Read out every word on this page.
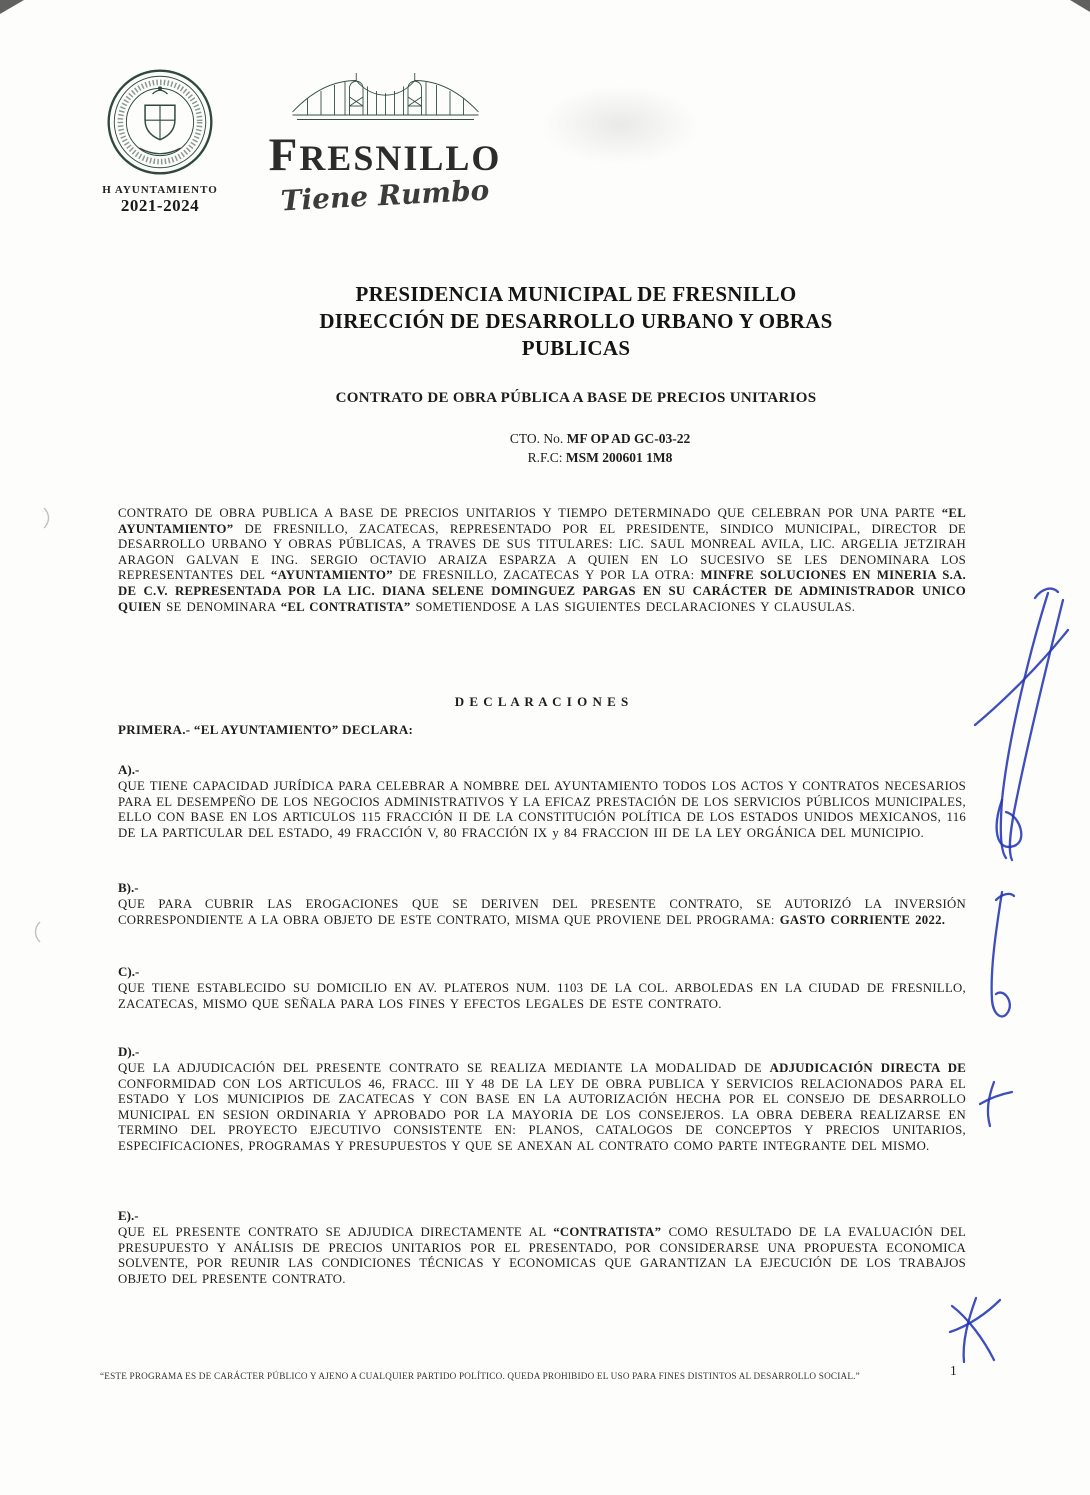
H AYUNTAMIENTO
2021-2024
FRESNILLO
Tiene Rumbo
PRESIDENCIA MUNICIPAL DE FRESNILLO
DIRECCIÓN DE DESARROLLO URBANO Y OBRAS
PUBLICAS
CONTRATO DE OBRA PÚBLICA A BASE DE PRECIOS UNITARIOS
CTO. No. MF OP AD GC-03-22
R.F.C: MSM 200601 1M8

CONTRATO DE OBRA PUBLICA A BASE DE PRECIOS UNITARIOS Y TIEMPO DETERMINADO QUE CELEBRAN POR UNA PARTE “EL AYUNTAMIENTO” DE FRESNILLO, ZACATECAS, REPRESENTADO POR EL PRESIDENTE, SINDICO MUNICIPAL, DIRECTOR DE DESARROLLO URBANO Y OBRAS PÚBLICAS, A TRAVES DE SUS TITULARES: LIC. SAUL MONREAL AVILA, LIC. ARGELIA JETZIRAH ARAGON GALVAN E ING. SERGIO OCTAVIO ARAIZA ESPARZA A QUIEN EN LO SUCESIVO SE LES DENOMINARA LOS REPRESENTANTES DEL “AYUNTAMIENTO” DE FRESNILLO, ZACATECAS Y POR LA OTRA: MINFRE SOLUCIONES EN MINERIA S.A. DE C.V. REPRESENTADA POR LA LIC. DIANA SELENE DOMINGUEZ PARGAS EN SU CARÁCTER DE ADMINISTRADOR UNICO QUIEN SE DENOMINARA “EL CONTRATISTA” SOMETIENDOSE A LAS SIGUIENTES DECLARACIONES Y CLAUSULAS.

D E C L A R A C I O N E S
PRIMERA.- “EL AYUNTAMIENTO” DECLARA:

A).-

QUE TIENE CAPACIDAD JURÍDICA PARA CELEBRAR A NOMBRE DEL AYUNTAMIENTO TODOS LOS ACTOS Y CONTRATOS NECESARIOS PARA EL DESEMPEÑO DE LOS NEGOCIOS ADMINISTRATIVOS Y LA EFICAZ PRESTACIÓN DE LOS SERVICIOS PÚBLICOS MUNICIPALES, ELLO CON BASE EN LOS ARTICULOS 115 FRACCIÓN II DE LA CONSTITUCIÓN POLÍTICA DE LOS ESTADOS UNIDOS MEXICANOS, 116 DE LA PARTICULAR DEL ESTADO, 49 FRACCIÓN V, 80 FRACCIÓN IX y 84 FRACCION III DE LA LEY ORGÁNICA DEL MUNICIPIO.

B).-

QUE PARA CUBRIR LAS EROGACIONES QUE SE DERIVEN DEL PRESENTE CONTRATO, SE AUTORIZÓ LA INVERSIÓN CORRESPONDIENTE A LA OBRA OBJETO DE ESTE CONTRATO, MISMA QUE PROVIENE DEL PROGRAMA: GASTO CORRIENTE 2022.

C).-

QUE TIENE ESTABLECIDO SU DOMICILIO EN AV. PLATEROS NUM. 1103 DE LA COL. ARBOLEDAS EN LA CIUDAD DE FRESNILLO, ZACATECAS, MISMO QUE SEÑALA PARA LOS FINES Y EFECTOS LEGALES DE ESTE CONTRATO.

D).-

QUE LA ADJUDICACIÓN DEL PRESENTE CONTRATO SE REALIZA MEDIANTE LA MODALIDAD DE ADJUDICACIÓN DIRECTA DE CONFORMIDAD CON LOS ARTICULOS 46, FRACC. III Y 48 DE LA LEY DE OBRA PUBLICA Y SERVICIOS RELACIONADOS PARA EL ESTADO Y LOS MUNICIPIOS DE ZACATECAS Y CON BASE EN LA AUTORIZACIÓN HECHA POR EL CONSEJO DE DESARROLLO MUNICIPAL EN SESION ORDINARIA Y APROBADO POR LA MAYORIA DE LOS CONSEJEROS. LA OBRA DEBERA REALIZARSE EN TERMINO DEL PROYECTO EJECUTIVO CONSISTENTE EN: PLANOS, CATALOGOS DE CONCEPTOS Y PRECIOS UNITARIOS, ESPECIFICACIONES, PROGRAMAS Y PRESUPUESTOS Y QUE SE ANEXAN AL CONTRATO COMO PARTE INTEGRANTE DEL MISMO.

E).-

QUE EL PRESENTE CONTRATO SE ADJUDICA DIRECTAMENTE AL “CONTRATISTA” COMO RESULTADO DE LA EVALUACIÓN DEL PRESUPUESTO Y ANÁLISIS DE PRECIOS UNITARIOS POR EL PRESENTADO, POR CONSIDERARSE UNA PROPUESTA ECONOMICA SOLVENTE, POR REUNIR LAS CONDICIONES TÉCNICAS Y ECONOMICAS QUE GARANTIZAN LA EJECUCIÓN DE LOS TRABAJOS OBJETO DEL PRESENTE CONTRATO.

“ESTE PROGRAMA ES DE CARÁCTER PÚBLICO Y AJENO A CUALQUIER PARTIDO POLÍTICO. QUEDA PROHIBIDO EL USO PARA FINES DISTINTOS AL DESARROLLO SOCIAL.”	1
